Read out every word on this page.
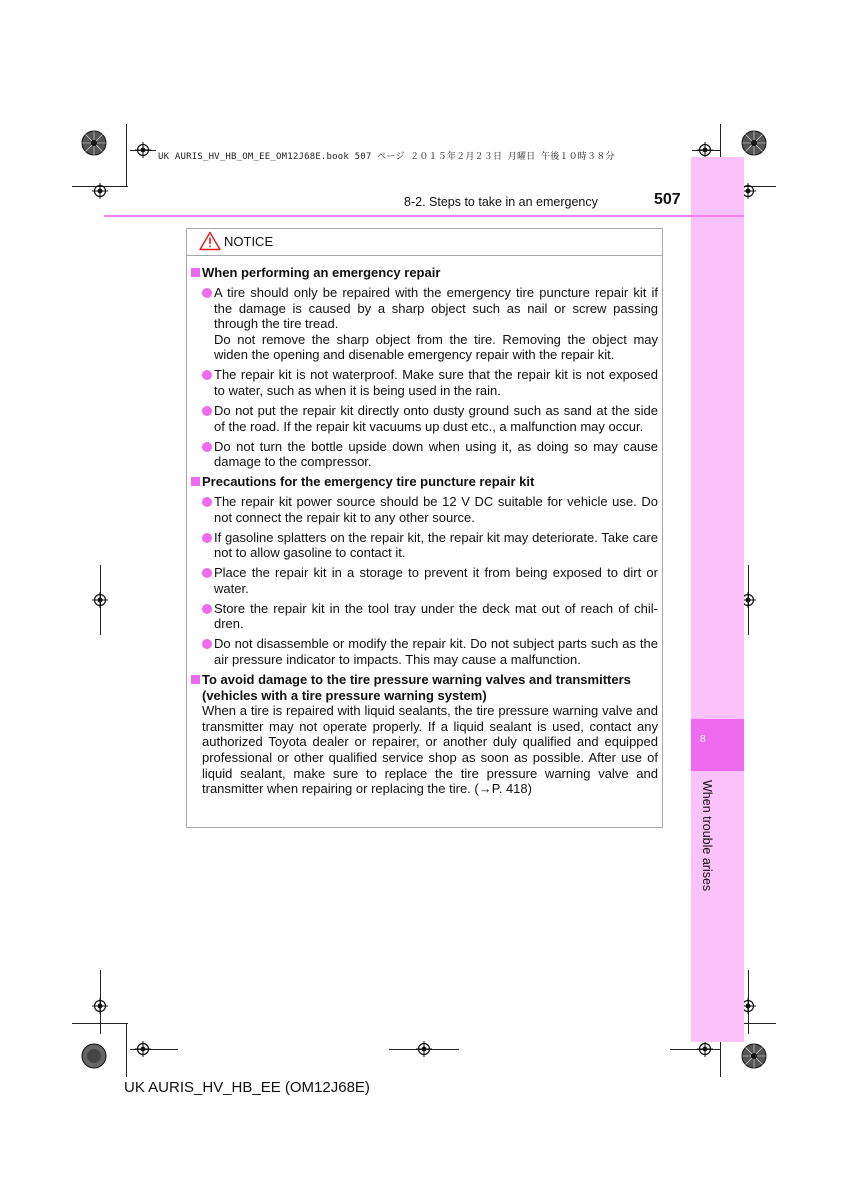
UK AURIS_HV_HB_OM_EE_OM12J68E.book 507 ページ ２０１５年２月２３日 月曜日 午後１０時３８分
8
When trouble arises
8-2. Steps to take in an emergency	507
NOTICE
When performing an emergency repair
A tire should only be repaired with the emergency tire puncture repair kit if the damage is caused by a sharp object such as nail or screw passing through the tire tread.
Do not remove the sharp object from the tire. Removing the object may widen the opening and disenable emergency repair with the repair kit.
The repair kit is not waterproof. Make sure that the repair kit is not exposed to water, such as when it is being used in the rain.
Do not put the repair kit directly onto dusty ground such as sand at the side of the road. If the repair kit vacuums up dust etc., a malfunction may occur.
Do not turn the bottle upside down when using it, as doing so may cause damage to the compressor.
Precautions for the emergency tire puncture repair kit
The repair kit power source should be 12 V DC suitable for vehicle use. Do not connect the repair kit to any other source.
If gasoline splatters on the repair kit, the repair kit may deteriorate. Take care not to allow gasoline to contact it.
Place the repair kit in a storage to prevent it from being exposed to dirt or water.
Store the repair kit in the tool tray under the deck mat out of reach of chil-dren.
Do not disassemble or modify the repair kit. Do not subject parts such as the air pressure indicator to impacts. This may cause a malfunction.
To avoid damage to the tire pressure warning valves and transmitters (vehicles with a tire pressure warning system)
When a tire is repaired with liquid sealants, the tire pressure warning valve and transmitter may not operate properly. If a liquid sealant is used, contact any authorized Toyota dealer or repairer, or another duly qualified and equipped professional or other qualified service shop as soon as possible. After use of liquid sealant, make sure to replace the tire pressure warning valve and transmitter when repairing or replacing the tire. (→P. 418)
UK AURIS_HV_HB_EE (OM12J68E)
